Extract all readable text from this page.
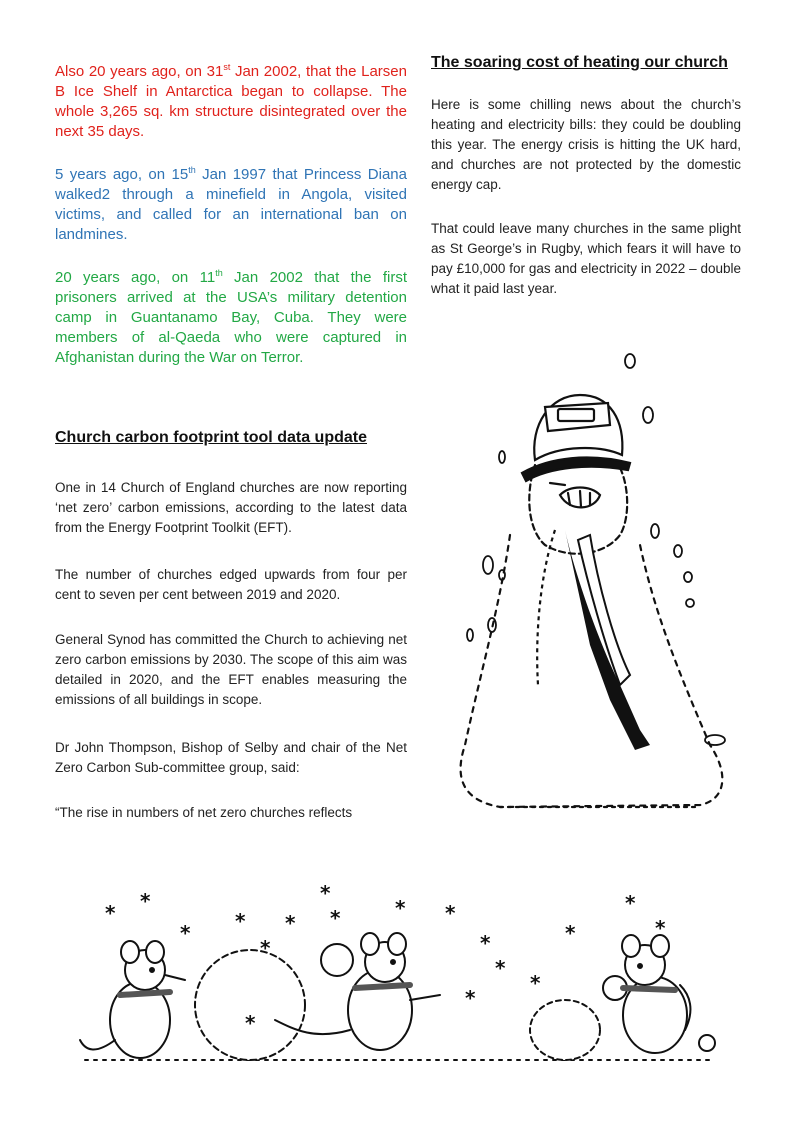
Also 20 years ago, on 31st Jan 2002, that the Larsen B Ice Shelf in Antarctica began to collapse. The whole 3,265 sq. km structure disintegrated over the next 35 days.

5 years ago, on 15th Jan 1997 that Princess Diana walked2 through a minefield in Angola, visited victims, and called for an international ban on landmines.

20 years ago, on 11th Jan 2002 that the first prisoners arrived at the USA’s military detention camp in Guantanamo Bay, Cuba. They were members of al-Qaeda who were captured in Afghanistan during the War on Terror.

Church carbon footprint tool data update

One in 14 Church of England churches are now reporting ‘net zero’ carbon emissions, according to the latest data from the Energy Footprint Toolkit (EFT).

The number of churches edged upwards from four per cent to seven per cent between 2019 and 2020.

General Synod has committed the Church to achieving net zero carbon emissions by 2030. The scope of this aim was detailed in 2020, and the EFT enables measuring the emissions of all buildings in scope.

Dr John Thompson, Bishop of Selby and chair of the Net Zero Carbon Sub-committee group, said:

“The rise in numbers of net zero churches reflects

The soaring cost of heating our church

Here is some chilling news about the church’s heating and electricity bills: they could be doubling this year. The energy crisis is hitting the UK hard, and churches are not protected by the domestic energy cap.

That could leave many churches in the same plight as St George’s in Rugby, which fears it will have to pay £10,000 for gas and electricity in 2022 – double what it paid last year.

* *
* *
*
*
*
*	* *
*
*
*
*
*
*
*
*
